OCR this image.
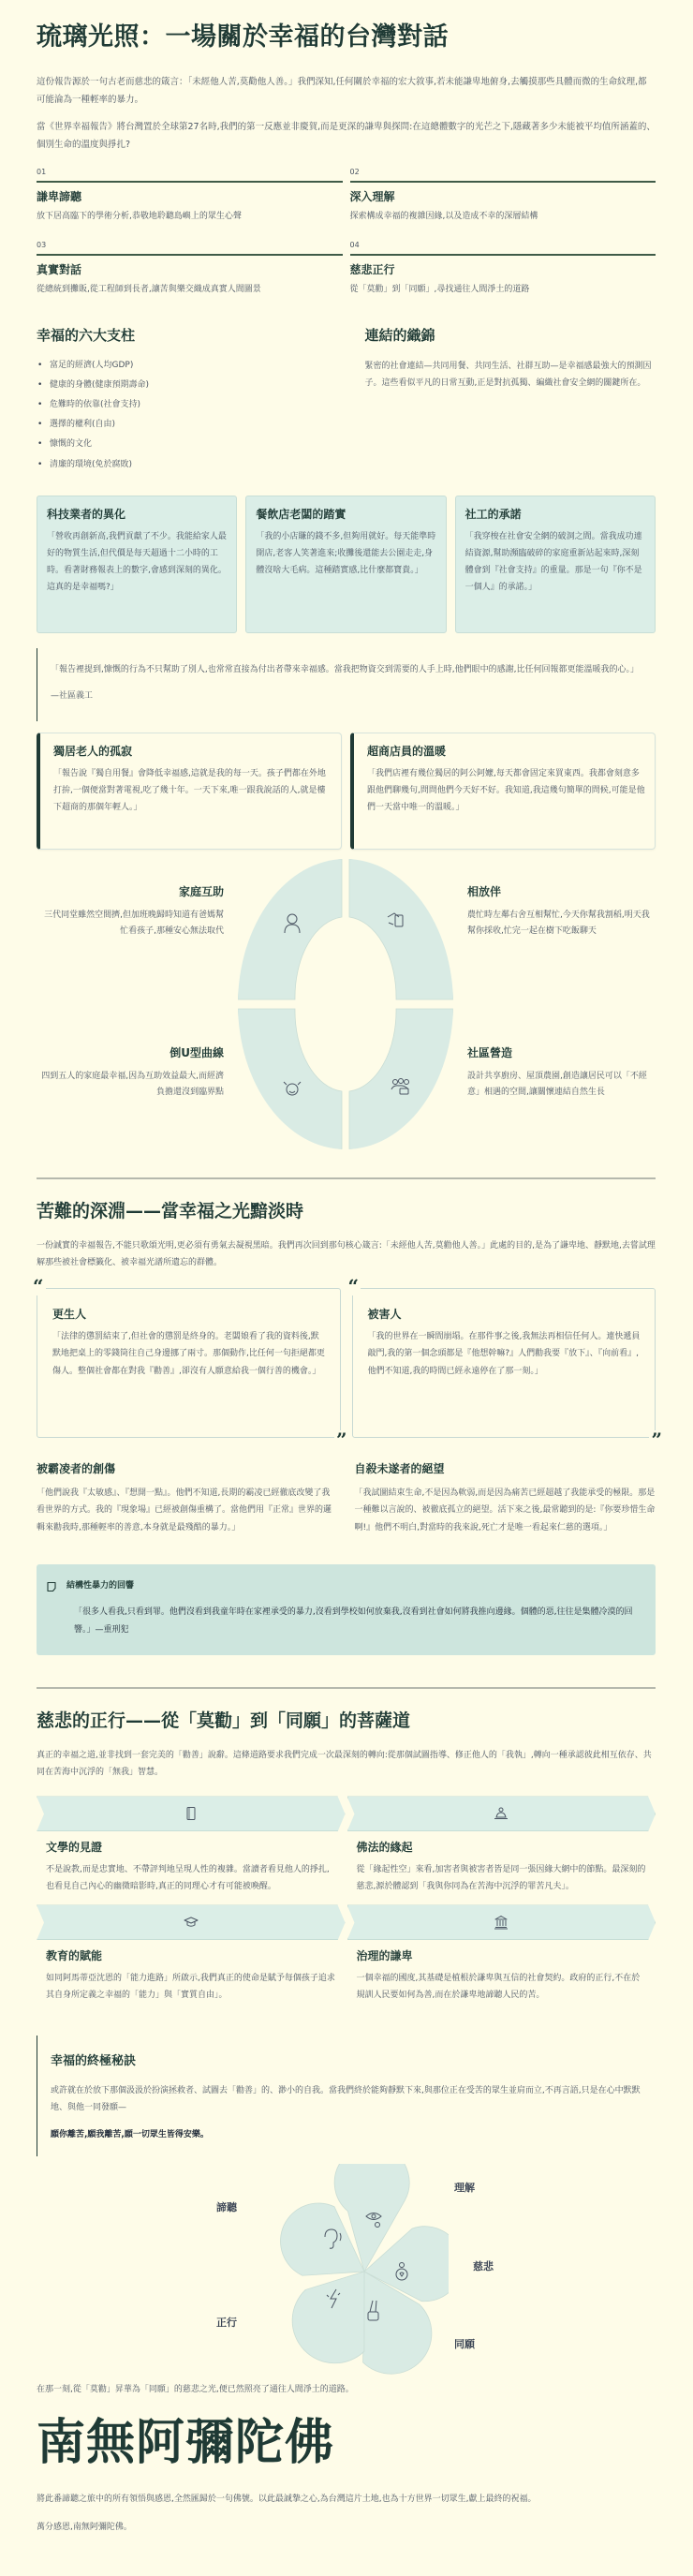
琉璃光照：一場關於幸福的台灣對話

這份報告源於一句古老而慈悲的箴言：「未經他人苦,莫勸他人善。」我們深知,任何關於幸福的宏大敘事,若未能謙卑地俯身,去觸摸那些具體而微的生命紋理,都可能淪為一種輕率的暴力。

當《世界幸福報告》將台灣置於全球第27名時,我們的第一反應並非慶賀,而是更深的謙卑與探問:在這總體數字的光芒之下,隱藏著多少未能被平均值所涵蓋的、個別生命的溫度與掙扎?

01
謙卑諦聽
放下居高臨下的學術分析,恭敬地聆聽島嶼上的眾生心聲
02
深入理解
探索構成幸福的複雜因緣,以及造成不幸的深層結構
03
真實對話
從總統到攤販,從工程師到長者,讓苦與樂交織成真實人間圖景
04
慈悲正行
從「莫勸」到「同願」,尋找通往人間淨土的道路
幸福的六大支柱
• 富足的經濟(人均GDP)
• 健康的身體(健康預期壽命)
• 危難時的依靠(社會支持)
• 選擇的權利(自由)
• 慷慨的文化
• 清廉的環境(免於腐敗)
連結的織錦

緊密的社會連結—共同用餐、共同生活、社群互助—是幸福感最強大的預測因子。這些看似平凡的日常互動,正是對抗孤獨、編織社會安全網的關鍵所在。

科技業者的異化
「營收再創新高,我們貢獻了不少。我能給家人最好的物質生活,但代價是每天超過十二小時的工時。看著財務報表上的數字,會感到深刻的異化。這真的是幸福嗎?」
餐飲店老闆的踏實
「我的小店賺的錢不多,但夠用就好。每天能準時開店,老客人笑著進來;收攤後還能去公園走走,身體沒啥大毛病。這種踏實感,比什麼都寶貴。」
社工的承諾
「我穿梭在社會安全網的破洞之間。當我成功連結資源,幫助瀕臨破碎的家庭重新站起來時,深刻體會到『社會支持』的重量。那是一句『你不是一個人』的承諾。」

「報告裡提到,慷慨的行為不只幫助了別人,也常常直接為付出者帶來幸福感。當我把物資交到需要的人手上時,他們眼中的感謝,比任何回報都更能溫暖我的心。」

—社區義工

獨居老人的孤寂
「報告說『獨自用餐』會降低幸福感,這就是我的每一天。孩子們都在外地打拚,一個便當對著電視,吃了幾十年。一天下來,唯一跟我說話的人,就是樓下超商的那個年輕人。」
超商店員的溫暖
「我們店裡有幾位獨居的阿公阿嬤,每天都會固定來買東西。我都會刻意多跟他們聊幾句,問問他們今天好不好。我知道,我這幾句簡單的問候,可能是他們一天當中唯一的溫暖。」
家庭互助
三代同堂雖然空間擠,但加班晚歸時知道有爸媽幫忙看孩子,那種安心無法取代
相放伴
農忙時左鄰右舍互相幫忙,今天你幫我割稻,明天我幫你採收,忙完一起在樹下吃飯聊天
倒U型曲線
四到五人的家庭最幸福,因為互助效益最大,而經濟負擔還沒到臨界點
社區營造
設計共享廚房、屋頂農園,創造讓居民可以「不經意」相遇的空間,讓關懷連結自然生長
苦難的深淵——當幸福之光黯淡時

一份誠實的幸福報告,不能只歌頌光明,更必須有勇氣去凝視黑暗。我們再次回到那句核心箴言:「未經他人苦,莫勸他人善。」此處的目的,是為了謙卑地、靜默地,去嘗試理解那些被社會標籤化、被幸福光譜所遺忘的群體。

“
更生人
「法律的懲罰結束了,但社會的懲罰是終身的。老闆娘看了我的資料後,默默地把桌上的零錢筒往自己身邊挪了兩寸。那個動作,比任何一句拒絕都更傷人。整個社會都在對我『勸善』,卻沒有人願意給我一個行善的機會。」
”
“
被害人
「我的世界在一瞬間崩塌。在那件事之後,我無法再相信任何人。連快遞員敲門,我的第一個念頭都是『他想幹嘛?』人們勸我要『放下』、『向前看』,他們不知道,我的時間已經永遠停在了那一刻。」
”
被霸凌者的創傷
「他們說我『太敏感』、『想開一點』。他們不知道,長期的霸凌已經徹底改變了我看世界的方式。我的『現象場』已經被創傷重構了。當他們用『正常』世界的邏輯來勸我時,那種輕率的善意,本身就是最殘酷的暴力。」
自殺未遂者的絕望
「我試圖結束生命,不是因為軟弱,而是因為痛苦已經超越了我能承受的極限。那是一種難以言說的、被徹底孤立的絕望。活下來之後,最常聽到的是:『你要珍惜生命啊!』他們不明白,對當時的我來說,死亡才是唯一看起來仁慈的選項。」
結構性暴力的回響
「很多人看我,只看到罪。他們沒看到我童年時在家裡承受的暴力,沒看到學校如何放棄我,沒看到社會如何將我推向邊緣。個體的惡,往往是集體冷漠的回響。」—重刑犯
慈悲的正行——從「莫勸」到「同願」的菩薩道

真正的幸福之道,並非找到一套完美的「勸善」說辭。這條道路要求我們完成一次最深刻的轉向:從那個試圖指導、修正他人的「我執」,轉向一種承認彼此相互依存、共同在苦海中沉浮的「無我」智慧。

文學的見證
不是說教,而是忠實地、不帶評判地呈現人性的複雜。當讀者看見他人的掙扎,也看見自己內心的幽微暗影時,真正的同理心才有可能被喚醒。
佛法的緣起
從「緣起性空」來看,加害者與被害者皆是同一張因緣大網中的節點。最深刻的慈悲,源於體認到「我與你同為在苦海中沉浮的罪苦凡夫」。
教育的賦能
如同阿馬蒂亞沈恩的「能力進路」所啟示,我們真正的使命是賦予每個孩子追求其自身所定義之幸福的「能力」與「實質自由」。
治理的謙卑
一個幸福的國度,其基礎是植根於謙卑與互信的社會契約。政府的正行,不在於規訓人民要如何為善,而在於謙卑地諦聽人民的苦。
幸福的終極秘訣
或許就在於放下那個汲汲於扮演拯救者、試圖去「勸善」的、渺小的自我。當我們終於能夠靜默下來,與那位正在受苦的眾生並肩而立,不再言語,只是在心中默默地、與他一同發願—
願你離苦,願我離苦,願一切眾生皆得安樂。
諦聽
理解
慈悲
同願
正行

在那一刻,從「莫勸」昇華為「同願」的慈悲之光,便已然照亮了通往人間淨土的道路。

南無阿彌陀佛

將此番諦聽之旅中的所有領悟與感恩,全然匯歸於一句佛號。以此最誠摯之心,為台灣這片土地,也為十方世界一切眾生,獻上最終的祝福。

萬分感恩,南無阿彌陀佛。
